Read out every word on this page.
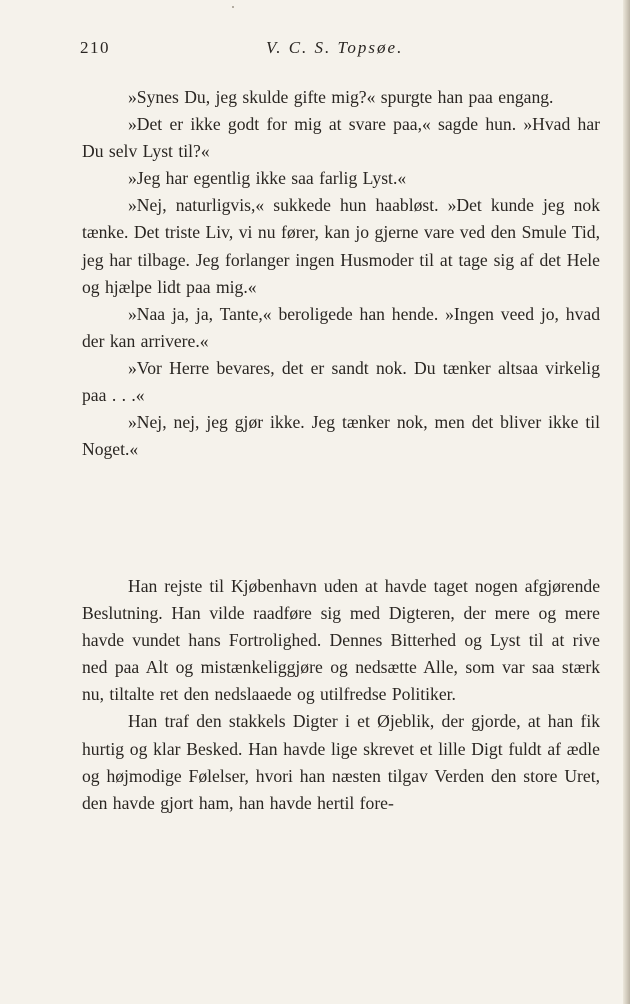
210	V. C. S. Topsøe.

»Synes Du, jeg skulde gifte mig?« spurgte han paa engang.

»Det er ikke godt for mig at svare paa,« sagde hun. »Hvad har Du selv Lyst til?«

»Jeg har egentlig ikke saa farlig Lyst.«

»Nej, naturligvis,« sukkede hun haabløst. »Det kunde jeg nok tænke. Det triste Liv, vi nu fører, kan jo gjerne vare ved den Smule Tid, jeg har tilbage. Jeg forlanger ingen Husmoder til at tage sig af det Hele og hjælpe lidt paa mig.«

»Naa ja, ja, Tante,« beroligede han hende. »Ingen veed jo, hvad der kan arrivere.«

»Vor Herre bevares, det er sandt nok. Du tænker altsaa virkelig paa . . .«

»Nej, nej, jeg gjør ikke. Jeg tænker nok, men det bliver ikke til Noget.«

Han rejste til Kjøbenhavn uden at havde taget nogen afgjørende Beslutning. Han vilde raadføre sig med Digteren, der mere og mere havde vundet hans Fortrolighed. Dennes Bitterhed og Lyst til at rive ned paa Alt og mistænkeliggjøre og nedsætte Alle, som var saa stærk nu, tiltalte ret den nedslaaede og utilfredse Politiker.

Han traf den stakkels Digter i et Øjeblik, der gjorde, at han fik hurtig og klar Besked. Han havde lige skrevet et lille Digt fuldt af ædle og højmodige Følelser, hvori han næsten tilgav Verden den store Uret, den havde gjort ham, han havde hertil fore-
